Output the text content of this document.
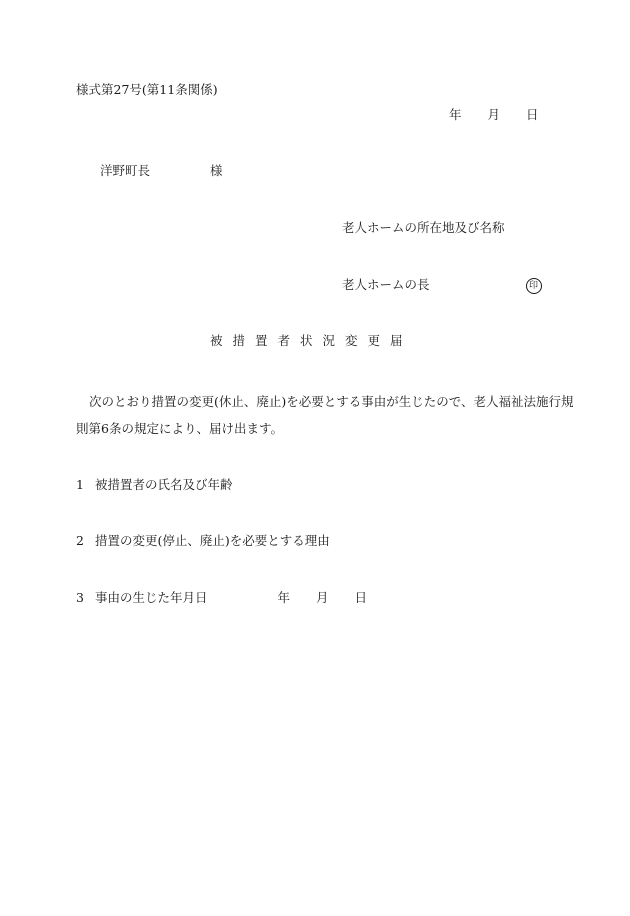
様式第27号(第11条関係)
年 月 日
洋野町長	様
老人ホームの所在地及び名称
老人ホームの長	印
被措置者状況変更届
次のとおり措置の変更(休止、廃止)を必要とする事由が生じたので、老人福祉法施行規則第6条の規定により、届け出ます。
1 被措置者の氏名及び年齢
2 措置の変更(停止、廃止)を必要とする理由
3 事由の生じた年月日	年 月 日
